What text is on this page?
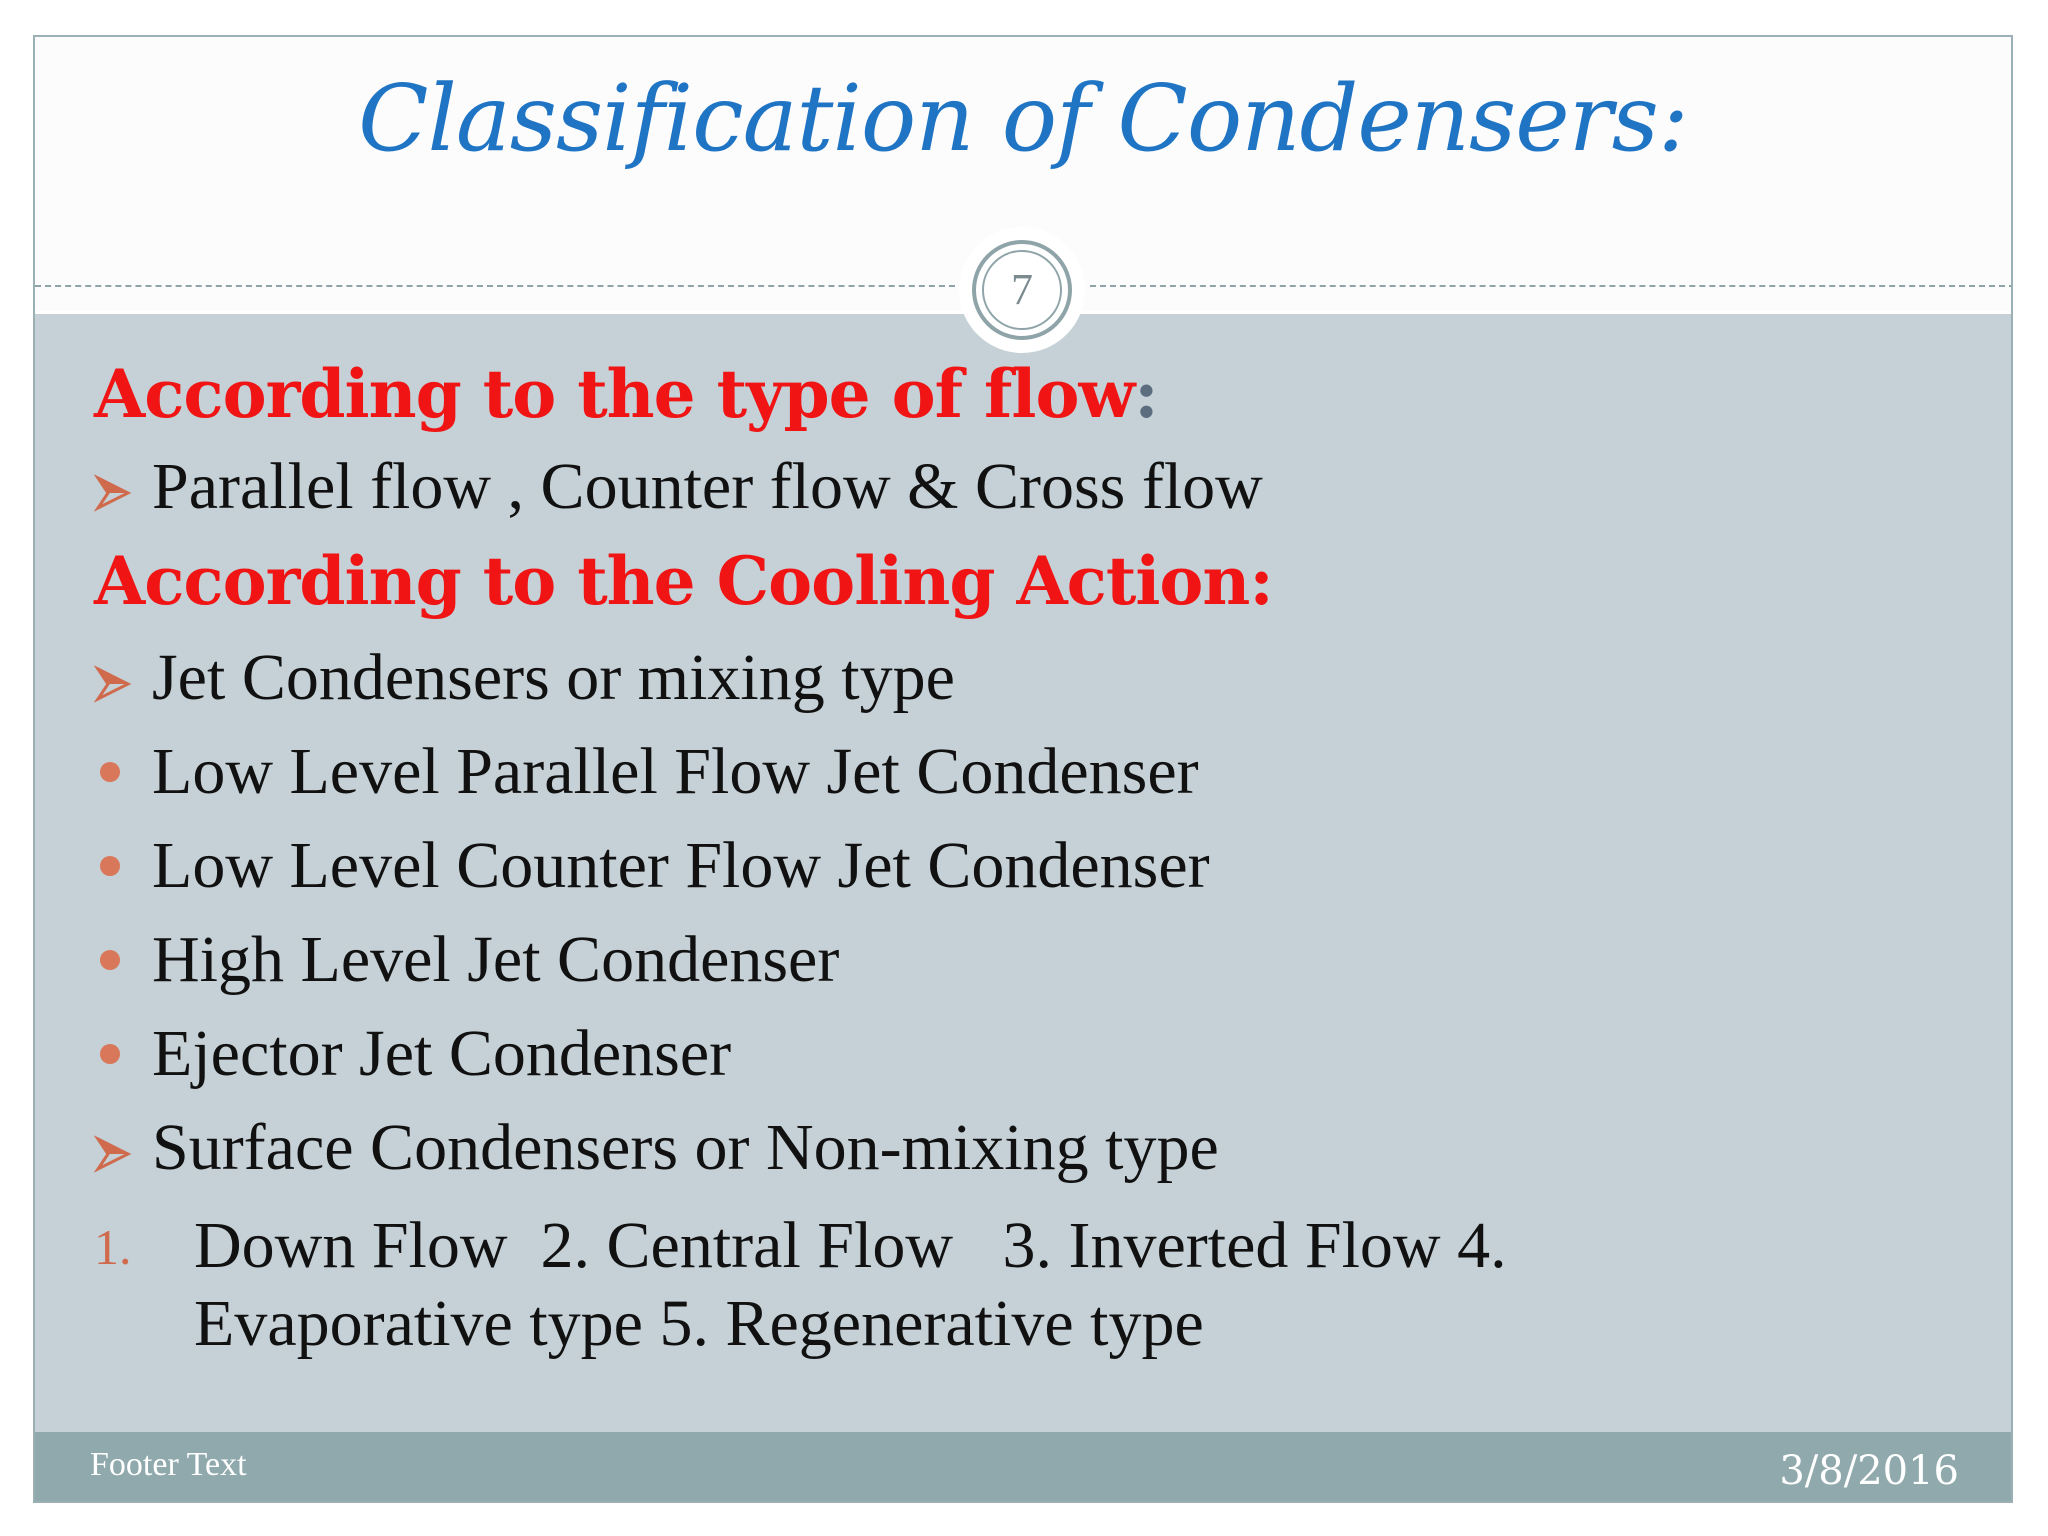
Classification of Condensers:
7
According to the type of flow:
Parallel flow , Counter flow & Cross flow
According to the Cooling Action:
Jet Condensers or mixing type
Low Level Parallel Flow Jet Condenser
Low Level Counter Flow Jet Condenser
High Level Jet Condenser
Ejector Jet Condenser
Surface Condensers or Non-mixing type
1. Down Flow  2. Central Flow   3. Inverted Flow 4.
Evaporative type 5. Regenerative type
Footer Text	3/8/2016
